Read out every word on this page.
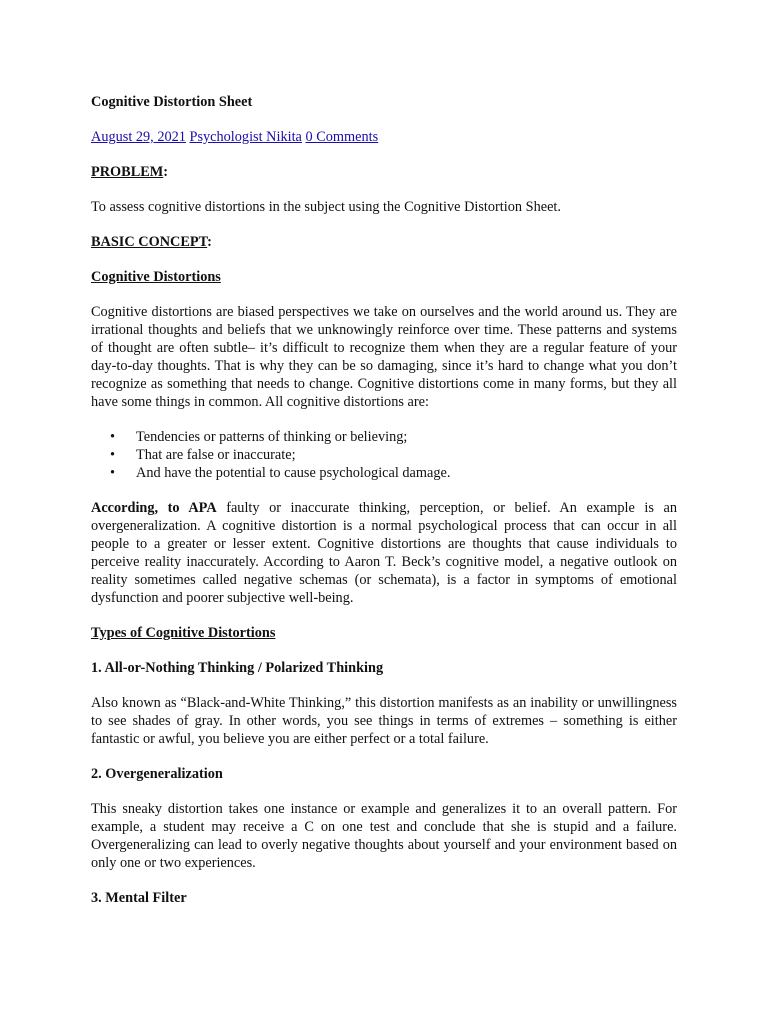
Cognitive Distortion Sheet
August 29, 2021 Psychologist Nikita 0 Comments
PROBLEM:

To assess cognitive distortions in the subject using the Cognitive Distortion Sheet.

BASIC CONCEPT:
Cognitive Distortions

Cognitive distortions are biased perspectives we take on ourselves and the world around us. They are irrational thoughts and beliefs that we unknowingly reinforce over time. These patterns and systems of thought are often subtle– it’s difficult to recognize them when they are a regular feature of your day-to-day thoughts. That is why they can be so damaging, since it’s hard to change what you don’t recognize as something that needs to change. Cognitive distortions come in many forms, but they all have some things in common. All cognitive distortions are:

• Tendencies or patterns of thinking or believing;
• That are false or inaccurate;
• And have the potential to cause psychological damage.

According, to APA faulty or inaccurate thinking, perception, or belief. An example is an overgeneralization. A cognitive distortion is a normal psychological process that can occur in all people to a greater or lesser extent. Cognitive distortions are thoughts that cause individuals to perceive reality inaccurately. According to Aaron T. Beck’s cognitive model, a negative outlook on reality sometimes called negative schemas (or schemata), is a factor in symptoms of emotional dysfunction and poorer subjective well-being.

Types of Cognitive Distortions
1. All-or-Nothing Thinking / Polarized Thinking

Also known as “Black-and-White Thinking,” this distortion manifests as an inability or unwillingness to see shades of gray. In other words, you see things in terms of extremes – something is either fantastic or awful, you believe you are either perfect or a total failure.

2. Overgeneralization

This sneaky distortion takes one instance or example and generalizes it to an overall pattern. For example, a student may receive a C on one test and conclude that she is stupid and a failure. Overgeneralizing can lead to overly negative thoughts about yourself and your environment based on only one or two experiences.

3. Mental Filter
